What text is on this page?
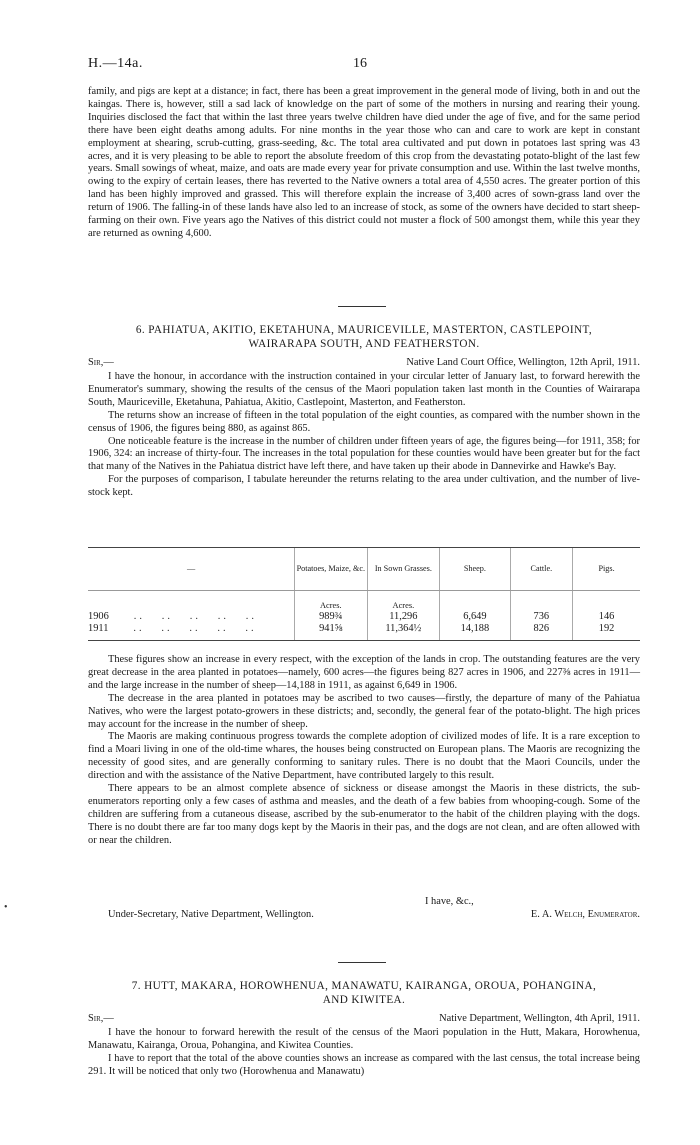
H.—14a.	16

family, and pigs are kept at a distance; in fact, there has been a great improvement in the general mode of living, both in and out the kaingas. There is, however, still a sad lack of knowledge on the part of some of the mothers in nursing and rearing their young. Inquiries disclosed the fact that within the last three years twelve children have died under the age of five, and for the same period there have been eight deaths among adults. For nine months in the year those who can and care to work are kept in constant employment at shearing, scrub-cutting, grass-seeding, &c. The total area cultivated and put down in potatoes last spring was 43 acres, and it is very pleasing to be able to report the absolute freedom of this crop from the devastating potato-blight of the last few years. Small sowings of wheat, maize, and oats are made every year for private consumption and use. Within the last twelve months, owing to the expiry of certain leases, there has reverted to the Native owners a total area of 4,550 acres. The greater portion of this land has been highly improved and grassed. This will therefore explain the increase of 3,400 acres of sown-grass land over the return of 1906. The falling-in of these lands have also led to an increase of stock, as some of the owners have decided to start sheep-farming on their own. Five years ago the Natives of this district could not muster a flock of 500 amongst them, while this year they are returned as owning 4,600.

6. PAHIATUA, AKITIO, EKETAHUNA, MAURICEVILLE, MASTERTON, CASTLEPOINT,
WAIRARAPA SOUTH, AND FEATHERSTON.
Sir,—	Native Land Court Office, Wellington, 12th April, 1911.

I have the honour, in accordance with the instruction contained in your circular letter of January last, to forward herewith the Enumerator's summary, showing the results of the census of the Maori population taken last month in the Counties of Wairarapa South, Mauriceville, Eketahuna, Pahiatua, Akitio, Castlepoint, Masterton, and Featherston.

The returns show an increase of fifteen in the total population of the eight counties, as compared with the number shown in the census of 1906, the figures being 880, as against 865.

One noticeable feature is the increase in the number of children under fifteen years of age, the figures being—for 1911, 358; for 1906, 324: an increase of thirty-four. The increases in the total population for these counties would have been greater but for the fact that many of the Natives in the Pahiatua district have left there, and have taken up their abode in Dannevirke and Hawke's Bay.

For the purposes of comparison, I tabulate hereunder the returns relating to the area under cultivation, and the number of live-stock kept.

—	Potatoes, Maize, &c.	In Sown Grasses.	Sheep.	Cattle.	Pigs.
	Acres.	Acres.			
1906     ..   ..   ..   ..   ..	989¾	11,296	6,649	736	146
1911     ..   ..   ..   ..   ..	941⅝	11,364½	14,188	826	192

These figures show an increase in every respect, with the exception of the lands in crop. The outstanding features are the very great decrease in the area planted in potatoes—namely, 600 acres—the figures being 827 acres in 1906, and 227⅜ acres in 1911—and the large increase in the number of sheep—14,188 in 1911, as against 6,649 in 1906.

The decrease in the area planted in potatoes may be ascribed to two causes—firstly, the departure of many of the Pahiatua Natives, who were the largest potato-growers in these districts; and, secondly, the general fear of the potato-blight. The high prices may account for the increase in the number of sheep.

The Maoris are making continuous progress towards the complete adoption of civilized modes of life. It is a rare exception to find a Moari living in one of the old-time whares, the houses being constructed on European plans. The Maoris are recognizing the necessity of good sites, and are generally conforming to sanitary rules. There is no doubt that the Maori Councils, under the direction and with the assistance of the Native Department, have contributed largely to this result.

There appears to be an almost complete absence of sickness or disease amongst the Maoris in these districts, the sub-enumerators reporting only a few cases of asthma and measles, and the death of a few babies from whooping-cough. Some of the children are suffering from a cutaneous disease, ascribed by the sub-enumerator to the habit of the children playing with the dogs. There is no doubt there are far too many dogs kept by the Maoris in their pas, and the dogs are not clean, and are often allowed with or near the children.

I have, &c.,
Under-Secretary, Native Department, Wellington.	E. A. Welch, Enumerator.
•
7. HUTT, MAKARA, HOROWHENUA, MANAWATU, KAIRANGA, OROUA, POHANGINA,
AND KIWITEA.
Sir,—	Native Department, Wellington, 4th April, 1911.

I have the honour to forward herewith the result of the census of the Maori population in the Hutt, Makara, Horowhenua, Manawatu, Kairanga, Oroua, Pohangina, and Kiwitea Counties.

I have to report that the total of the above counties shows an increase as compared with the last census, the total increase being 291. It will be noticed that only two (Horowhenua and Manawatu)
